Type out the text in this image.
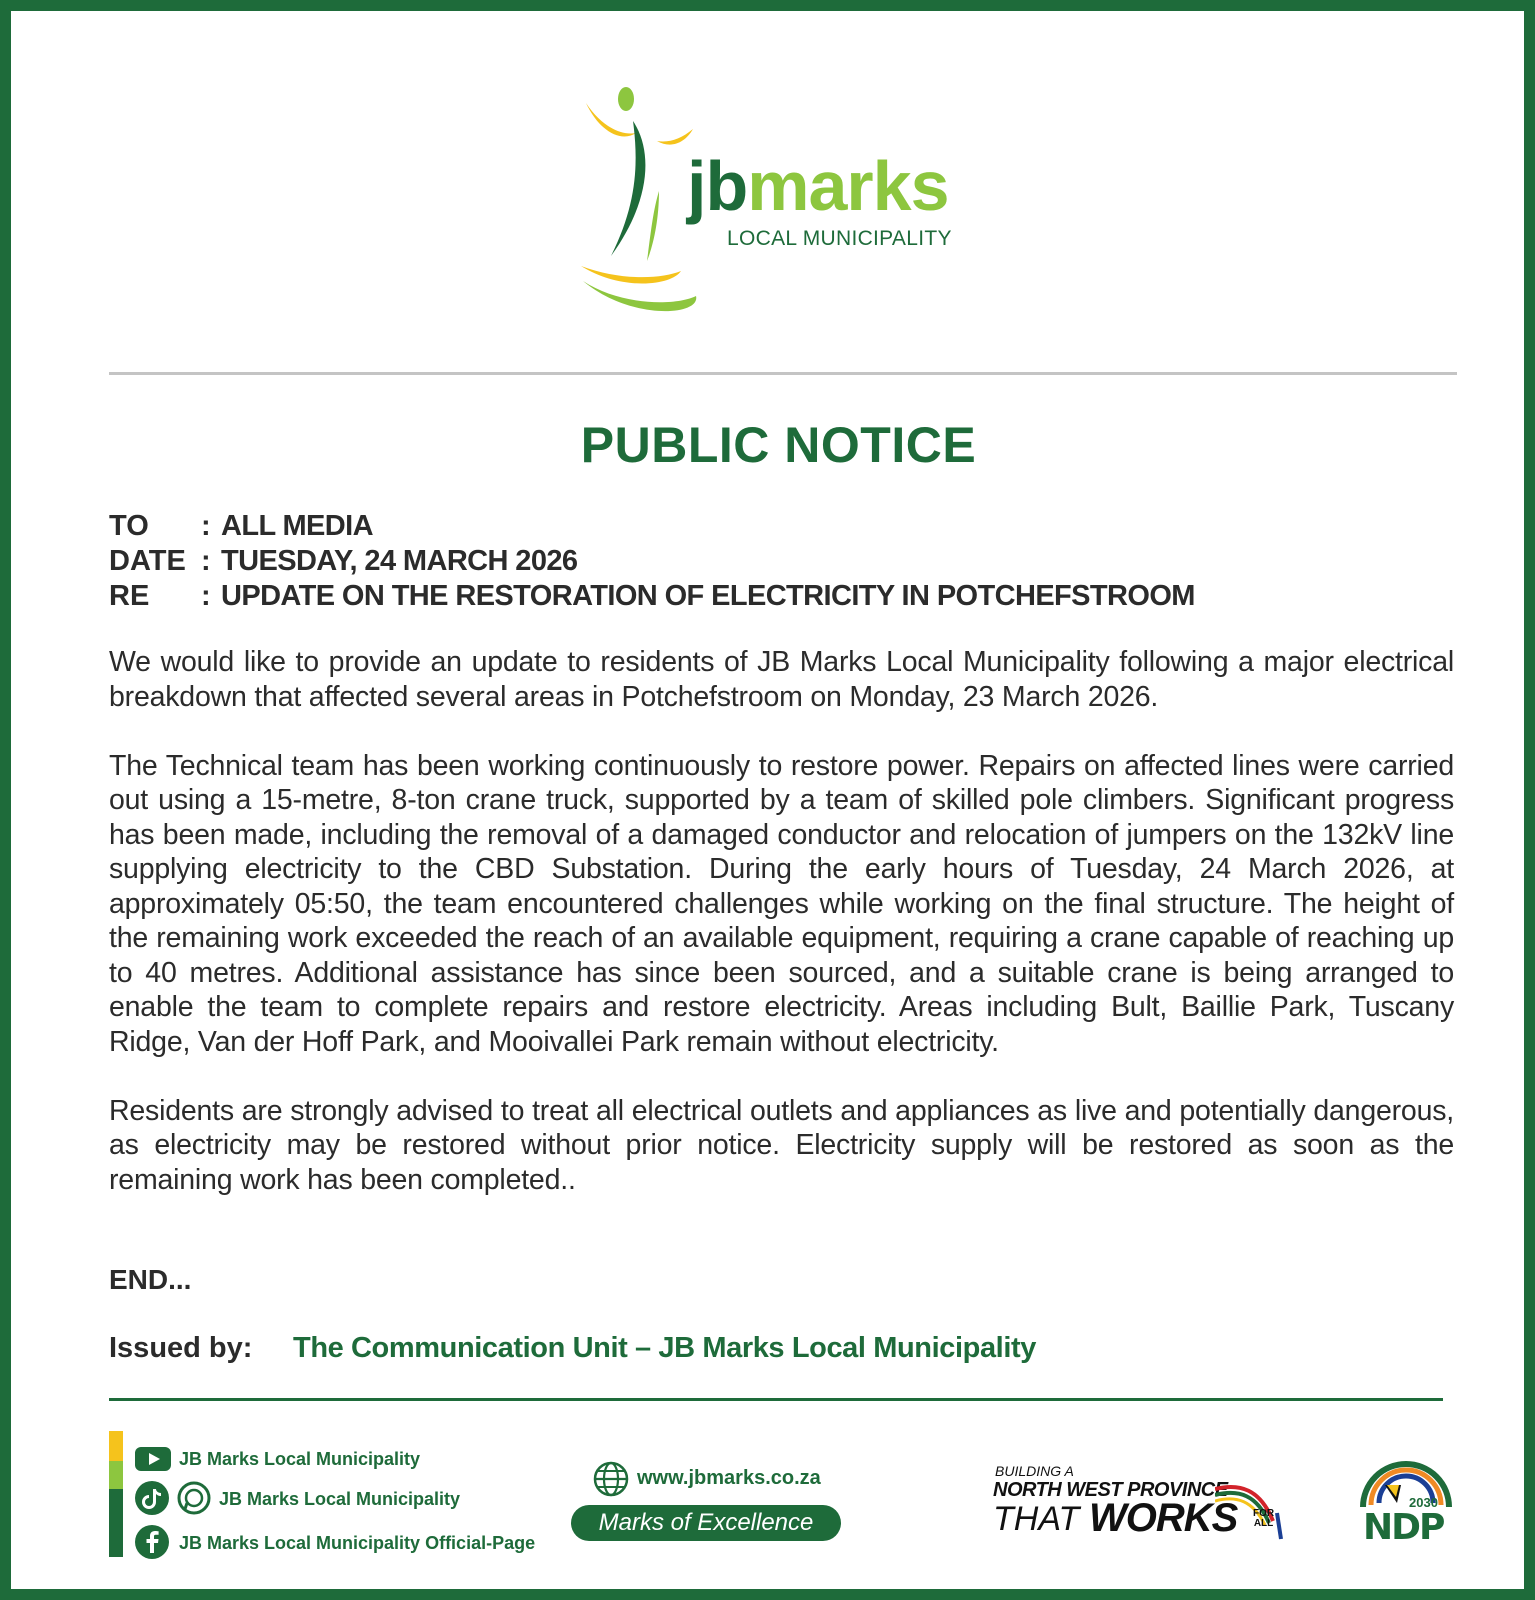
jbmarks
LOCAL MUNICIPALITY
PUBLIC NOTICE
TO : ALL MEDIA
DATE : TUESDAY, 24 MARCH 2026
RE : UPDATE ON THE RESTORATION OF ELECTRICITY IN POTCHEFSTROOM

We would like to provide an update to residents of JB Marks Local Municipality following a major electrical breakdown that affected several areas in Potchefstroom on Monday, 23 March 2026.

The Technical team has been working continuously to restore power. Repairs on affected lines were carried out using a 15-metre, 8-ton crane truck, supported by a team of skilled pole climbers. Significant progress has been made, including the removal of a damaged conductor and relocation of jumpers on the 132kV line supplying electricity to the CBD Substation. During the early hours of Tuesday, 24 March 2026, at approximately 05:50, the team encountered challenges while working on the final structure. The height of the remaining work exceeded the reach of an available equipment, requiring a crane capable of reaching up to 40 metres. Additional assistance has since been sourced, and a suitable crane is being arranged to enable the team to complete repairs and restore electricity. Areas including Bult, Baillie Park, Tuscany Ridge, Van der Hoff Park, and Mooivallei Park remain without electricity.

Residents are strongly advised to treat all electrical outlets and appliances as live and potentially dangerous, as electricity may be restored without prior notice. Electricity supply will be restored as soon as the remaining work has been completed..

END...
Issued by: The Communication Unit – JB Marks Local Municipality
JB Marks Local Municipality
JB Marks Local Municipality
JB Marks Local Municipality Official-Page
www.jbmarks.co.za
Marks of Excellence
BUILDING A
NORTH WEST PROVINCE
THAT WORKS FOR
ALL
2030
NDP
